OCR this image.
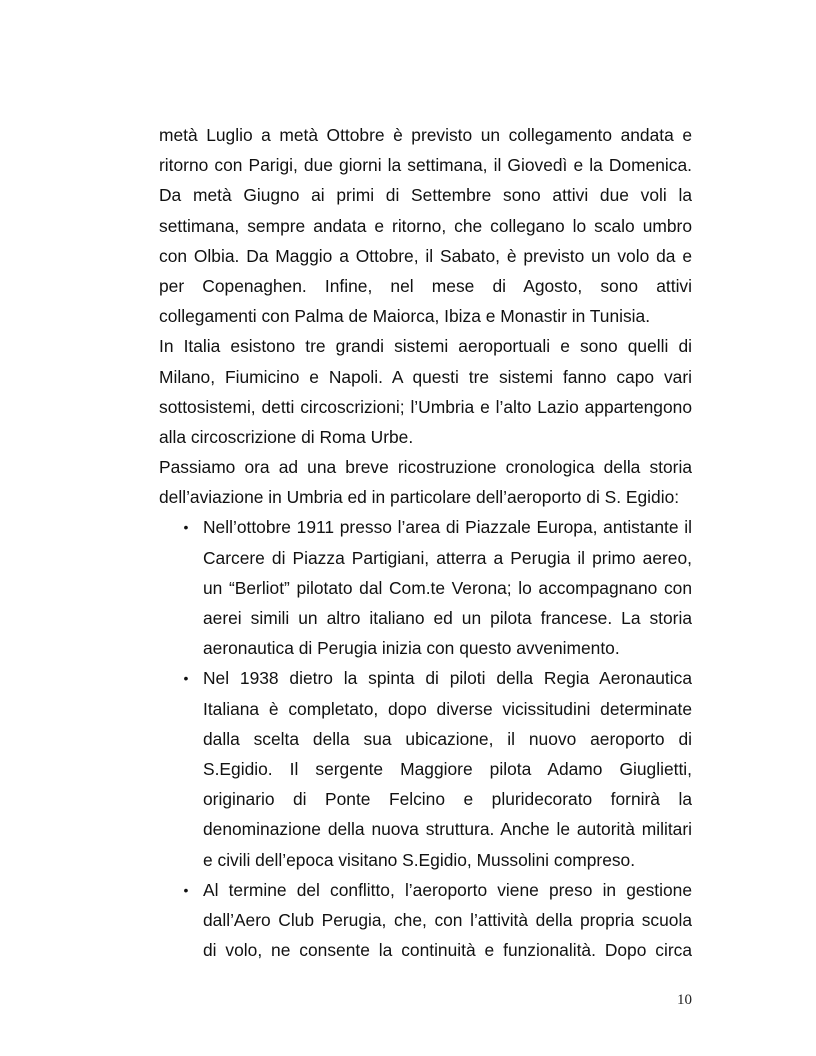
metà Luglio a metà Ottobre è previsto un collegamento andata e
ritorno con Parigi, due giorni la settimana, il Giovedì e la Domenica.
Da metà Giugno ai primi di Settembre sono attivi due voli la
settimana, sempre andata e ritorno, che collegano lo scalo umbro
con Olbia. Da Maggio a Ottobre, il Sabato, è previsto un volo da e
per Copenaghen. Infine, nel mese di Agosto, sono attivi
collegamenti con Palma de Maiorca, Ibiza e Monastir in Tunisia.
In Italia esistono tre grandi sistemi aeroportuali e sono quelli di
Milano, Fiumicino e Napoli. A questi tre sistemi fanno capo vari
sottosistemi, detti circoscrizioni; l’Umbria e l’alto Lazio appartengono
alla circoscrizione di Roma Urbe.
Passiamo ora ad una breve ricostruzione cronologica della storia
dell’aviazione in Umbria ed in particolare dell’aeroporto di S. Egidio:
• Nell’ottobre 1911 presso l’area di Piazzale Europa, antistante il
Carcere di Piazza Partigiani, atterra a Perugia il primo aereo,
un “Berliot” pilotato dal Com.te Verona; lo accompagnano con
aerei simili un altro italiano ed un pilota francese. La storia
aeronautica di Perugia inizia con questo avvenimento.
• Nel 1938 dietro la spinta di piloti della Regia Aeronautica
Italiana è completato, dopo diverse vicissitudini determinate
dalla scelta della sua ubicazione, il nuovo aeroporto di
S.Egidio. Il sergente Maggiore pilota Adamo Giuglietti,
originario di Ponte Felcino e pluridecorato fornirà la
denominazione della nuova struttura. Anche le autorità militari
e civili dell’epoca visitano S.Egidio, Mussolini compreso.
• Al termine del conflitto, l’aeroporto viene preso in gestione
dall’Aero Club Perugia, che, con l’attività della propria scuola
di volo, ne consente la continuità e funzionalità. Dopo circa
10
